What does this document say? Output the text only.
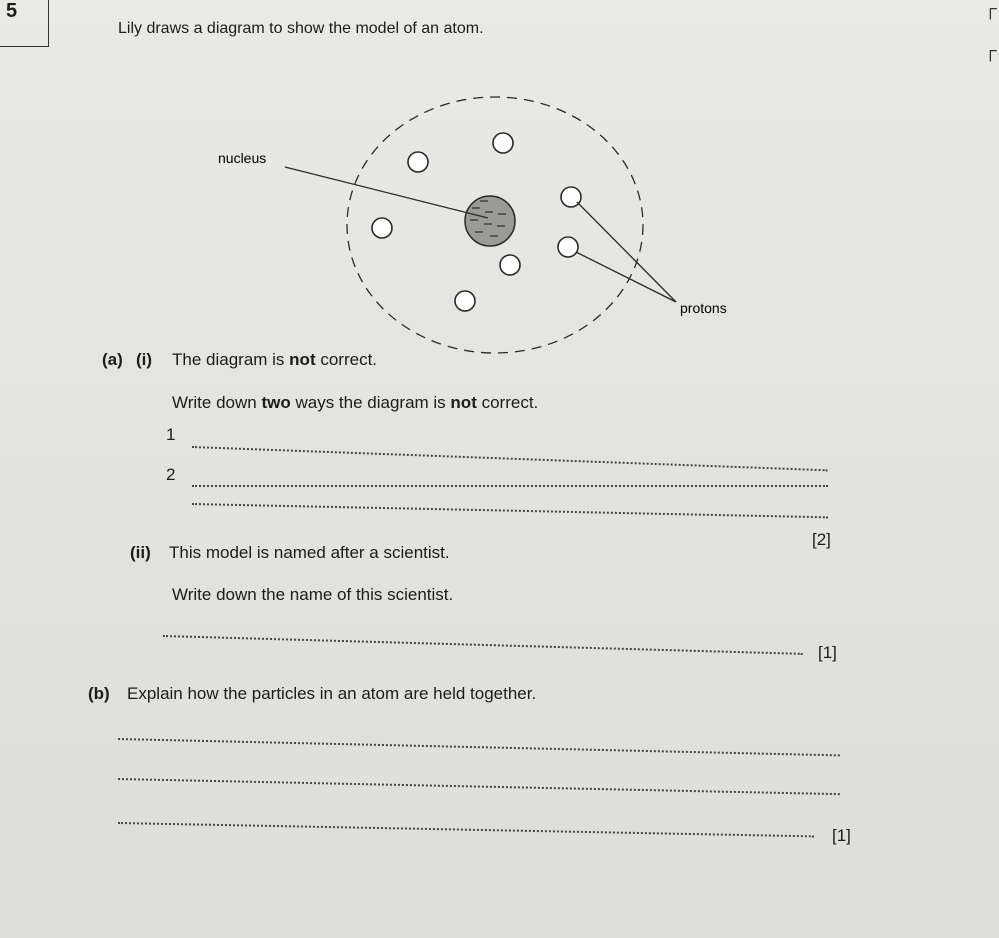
5
Lily draws a diagram to show the model of an atom.
┌
┌
nucleus
protons
(a) (i) The diagram is not correct.
Write down two ways the diagram is not correct.
1
2
[2]
(ii) This model is named after a scientist.
Write down the name of this scientist.
[1]
(b) Explain how the particles in an atom are held together.
[1]
